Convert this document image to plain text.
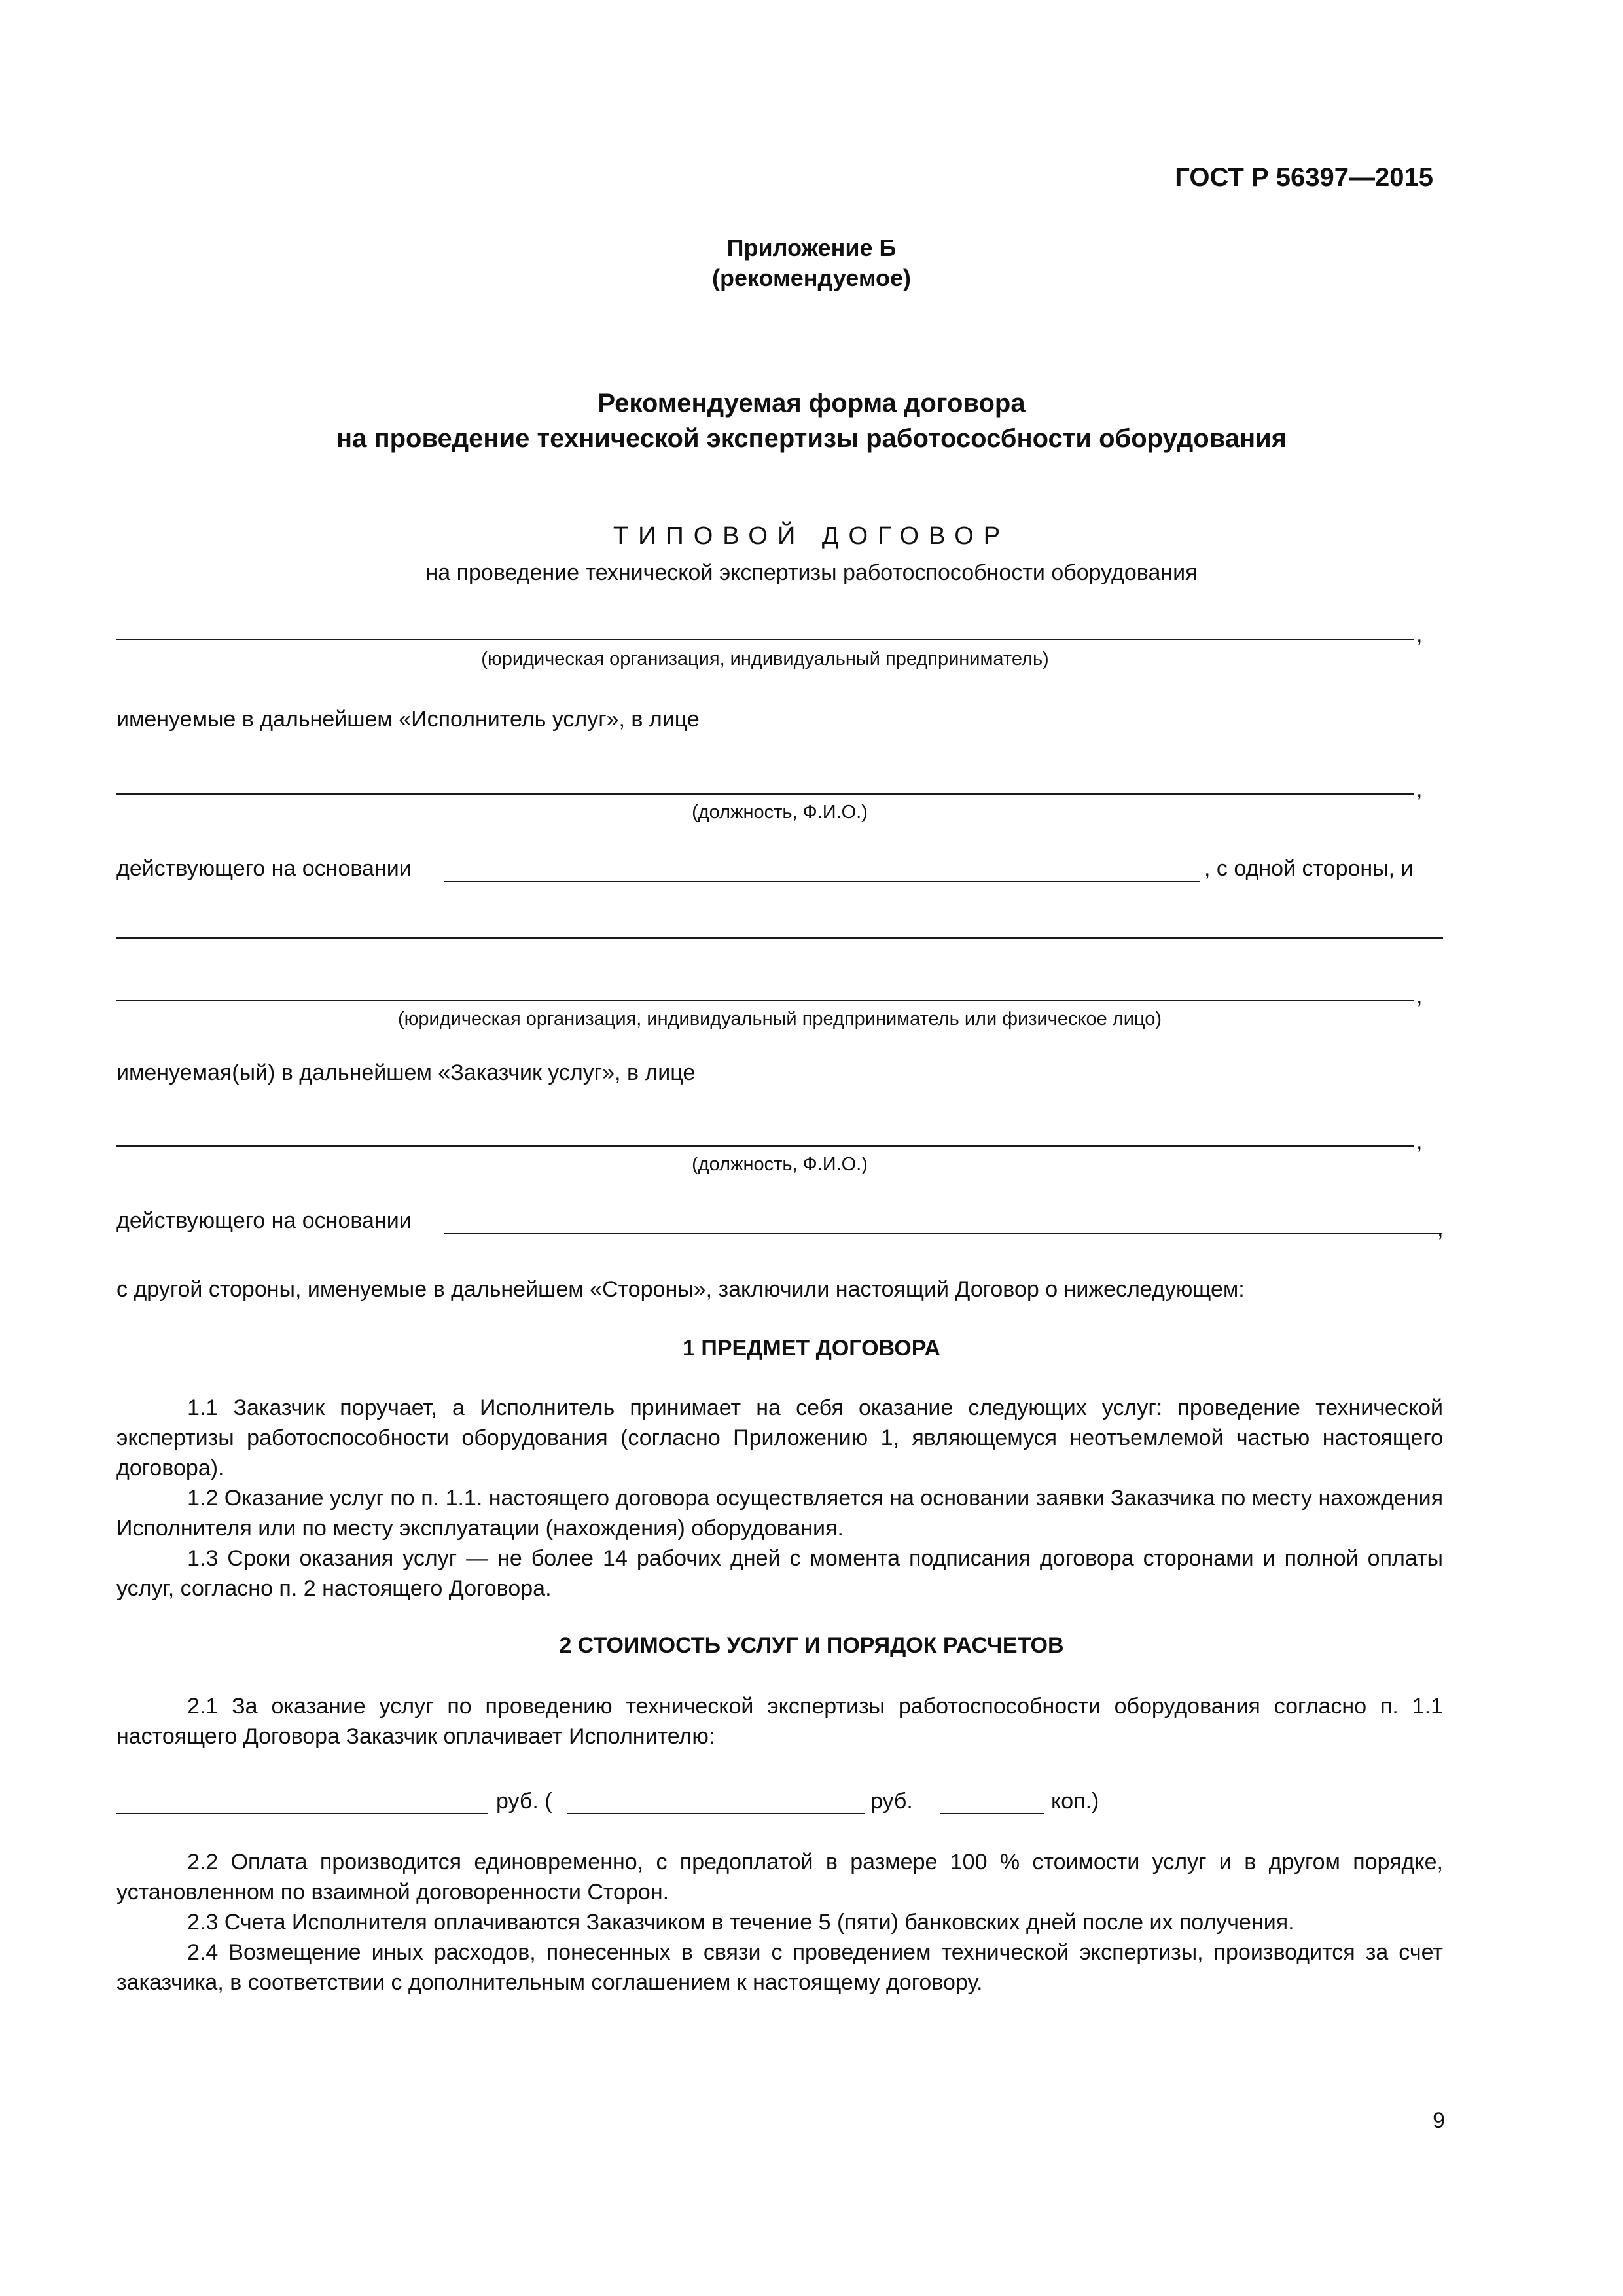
ГОСТ Р 56397—2015
Приложение Б
(рекомендуемое)
Рекомендуемая форма договора
на проведение технической экспертизы работососбности оборудования
ТИПОВОЙ ДОГОВОР
на проведение технической экспертизы работоспособности оборудования
,
(юридическая организация, индивидуальный предприниматель)
именуемые в дальнейшем «Исполнитель услуг», в лице
,
(должность, Ф.И.О.)
действующего на основании	, с одной стороны, и
,
(юридическая организация, индивидуальный предприниматель или физическое лицо)
именуемая(ый) в дальнейшем «Заказчик услуг», в лице
,
(должность, Ф.И.О.)
действующего на основании	,
с другой стороны, именуемые в дальнейшем «Стороны», заключили настоящий Договор о нижеследующем:
1 ПРЕДМЕТ ДОГОВОРА
1.1 Заказчик поручает, а Исполнитель принимает на себя оказание следующих услуг: проведение технической экспертизы работоспособности оборудования (согласно Приложению 1, являющемуся неотъемлемой частью настоящего договора).
1.2 Оказание услуг по п. 1.1. настоящего договора осуществляется на основании заявки Заказчика по месту нахождения Исполнителя или по месту эксплуатации (нахождения) оборудования.
1.3 Сроки оказания услуг — не более 14 рабочих дней с момента подписания договора сторонами и полной оплаты услуг, согласно п. 2 настоящего Договора.
2 СТОИМОСТЬ УСЛУГ И ПОРЯДОК РАСЧЕТОВ
2.1 За оказание услуг по проведению технической экспертизы работоспособности оборудования согласно п. 1.1 настоящего Договора Заказчик оплачивает Исполнителю:
руб. (	руб.	коп.)
2.2 Оплата производится единовременно, с предоплатой в размере 100 % стоимости услуг и в другом порядке, установленном по взаимной договоренности Сторон.
2.3 Счета Исполнителя оплачиваются Заказчиком в течение 5 (пяти) банковских дней после их получения.
2.4 Возмещение иных расходов, понесенных в связи с проведением технической экспертизы, производится за счет заказчика, в соответствии с дополнительным соглашением к настоящему договору.
9
